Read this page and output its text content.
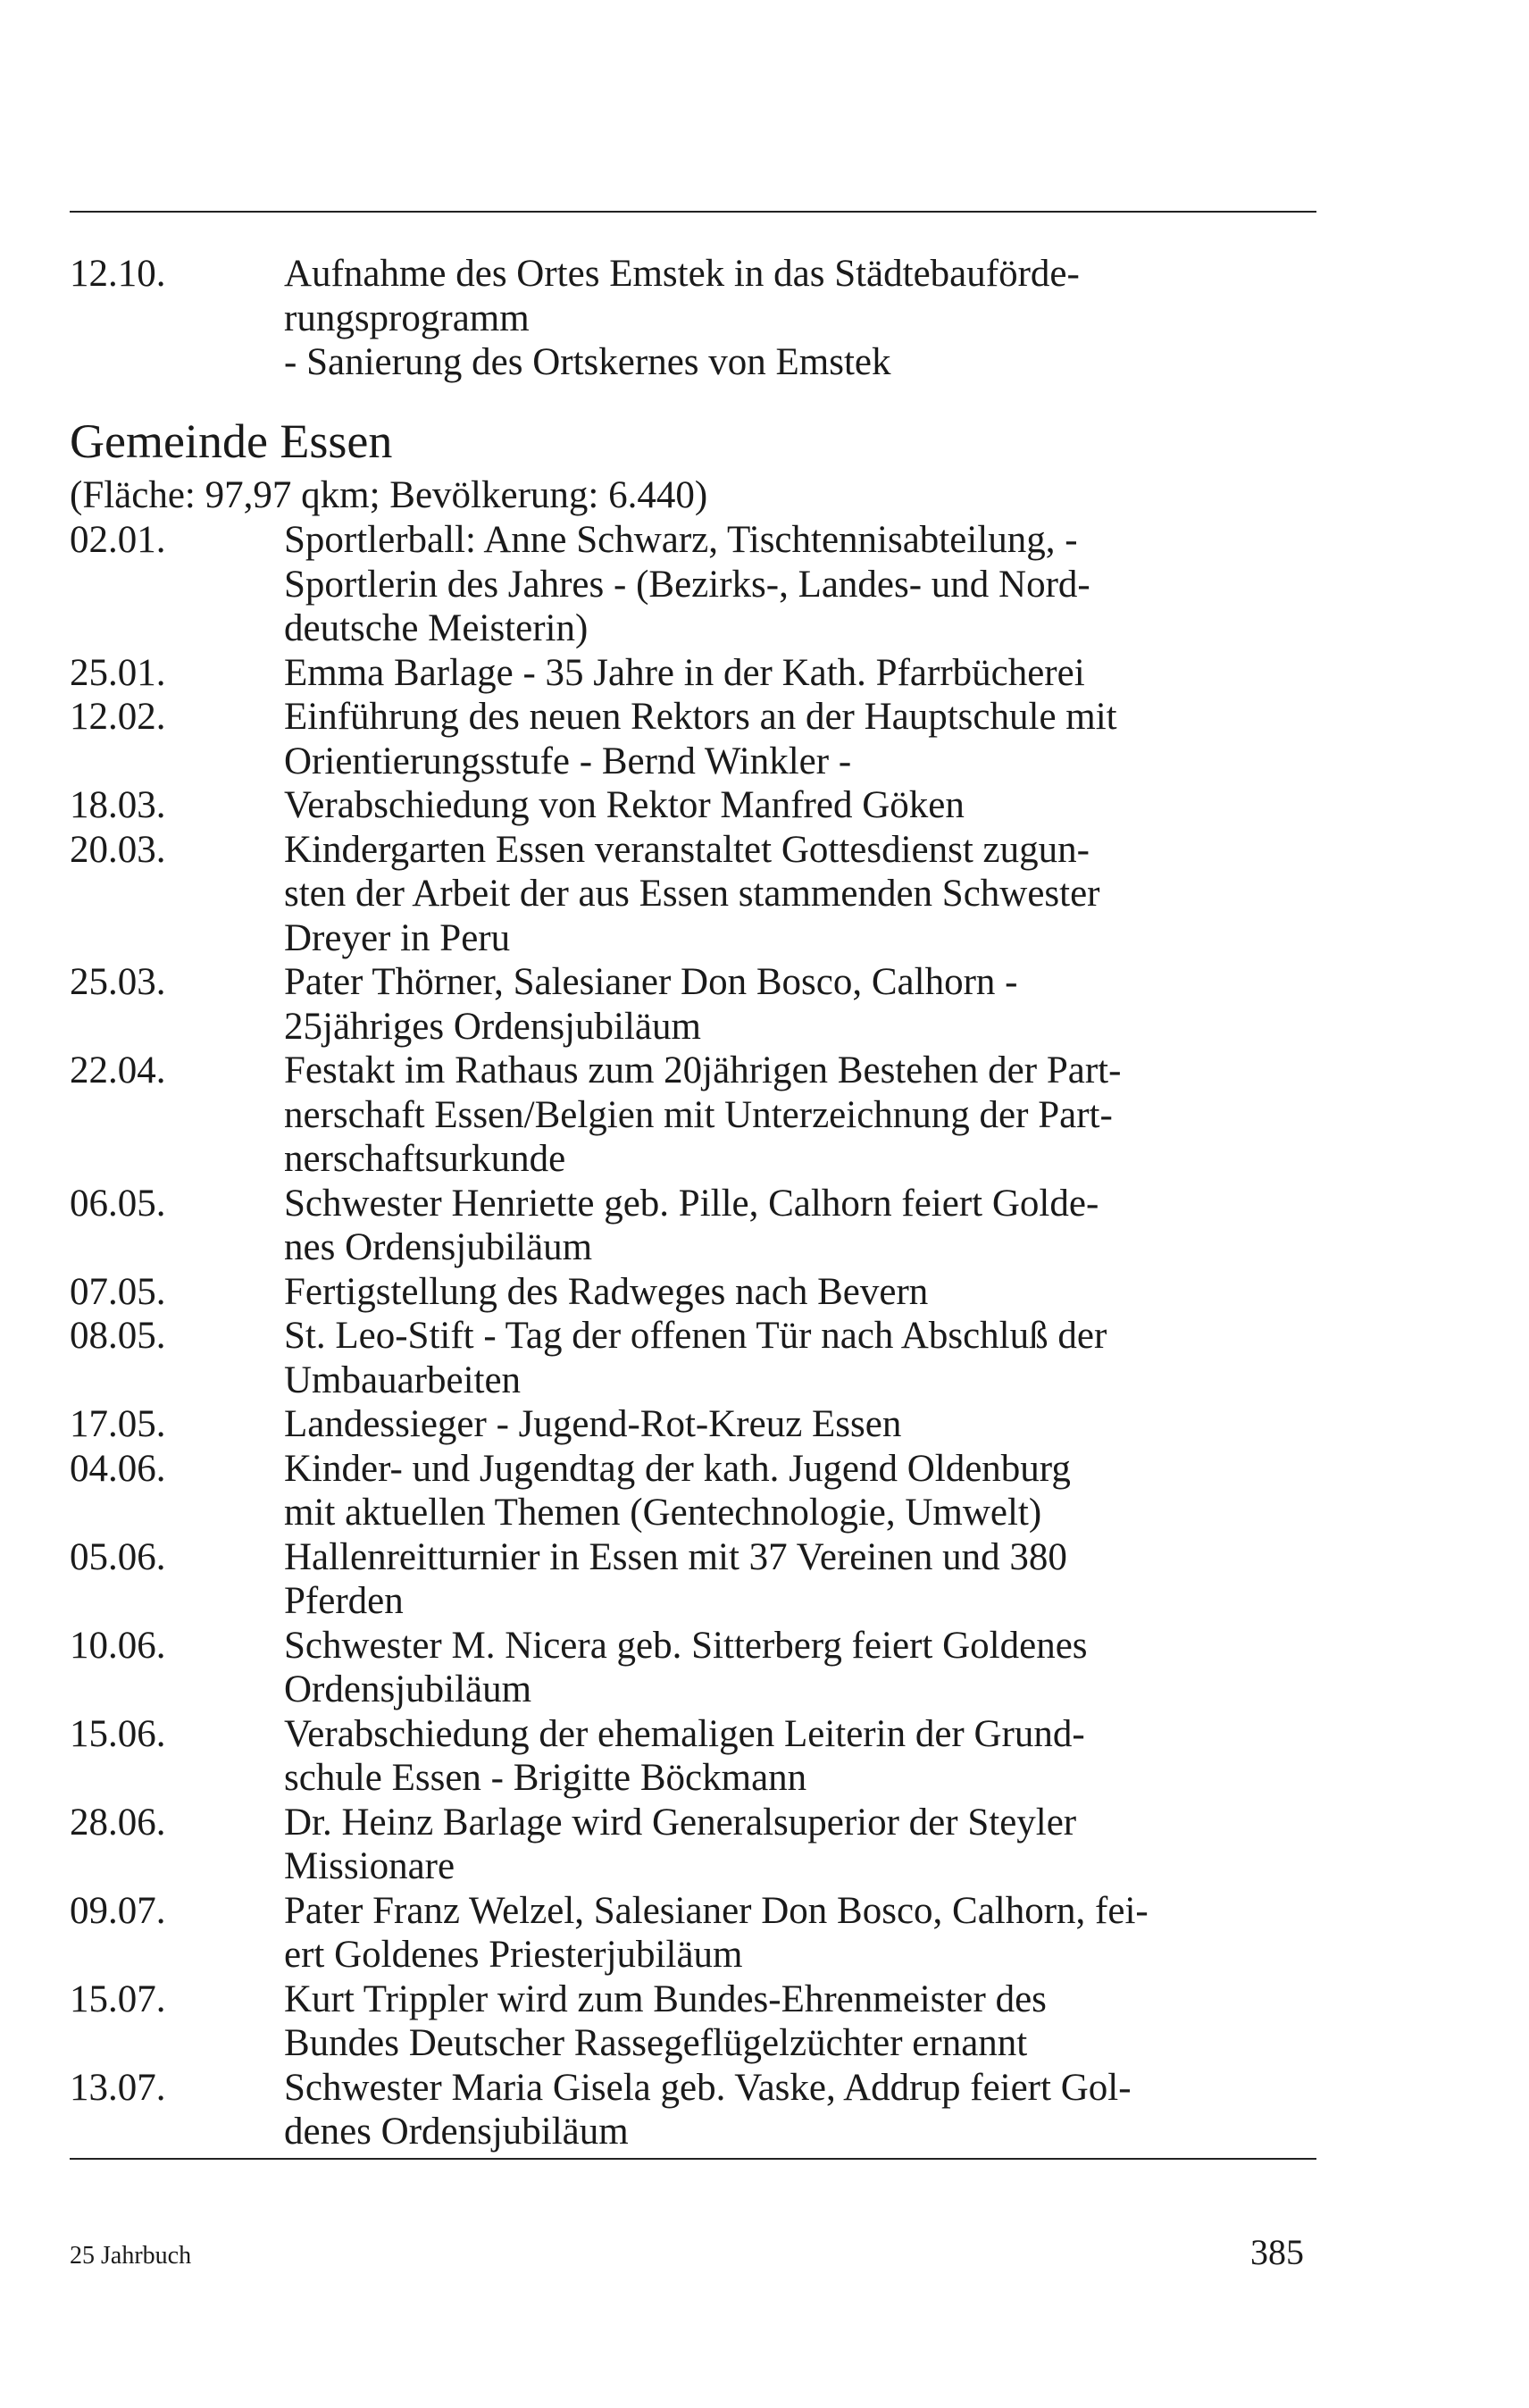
12.10.	Aufnahme des Ortes Emstek in das Städtebauförde-
rungsprogramm
- Sanierung des Ortskernes von Emstek
Gemeinde Essen
(Fläche: 97,97 qkm; Bevölkerung: 6.440)
02.01.	Sportlerball: Anne Schwarz, Tischtennisabteilung, -
Sportlerin des Jahres - (Bezirks-, Landes- und Nord-
deutsche Meisterin)
25.01.	Emma Barlage - 35 Jahre in der Kath. Pfarrbücherei
12.02.	Einführung des neuen Rektors an der Hauptschule mit
Orientierungsstufe - Bernd Winkler -
18.03.	Verabschiedung von Rektor Manfred Göken
20.03.	Kindergarten Essen veranstaltet Gottesdienst zugun-
sten der Arbeit der aus Essen stammenden Schwester
Dreyer in Peru
25.03.	Pater Thörner, Salesianer Don Bosco, Calhorn -
25jähriges Ordensjubiläum
22.04.	Festakt im Rathaus zum 20jährigen Bestehen der Part-
nerschaft Essen/Belgien mit Unterzeichnung der Part-
nerschaftsurkunde
06.05.	Schwester Henriette geb. Pille, Calhorn feiert Golde-
nes Ordensjubiläum
07.05.	Fertigstellung des Radweges nach Bevern
08.05.	St. Leo-Stift - Tag der offenen Tür nach Abschluß der
Umbauarbeiten
17.05.	Landessieger - Jugend-Rot-Kreuz Essen
04.06.	Kinder- und Jugendtag der kath. Jugend Oldenburg
mit aktuellen Themen (Gentechnologie, Umwelt)
05.06.	Hallenreitturnier in Essen mit 37 Vereinen und 380
Pferden
10.06.	Schwester M. Nicera geb. Sitterberg feiert Goldenes
Ordensjubiläum
15.06.	Verabschiedung der ehemaligen Leiterin der Grund-
schule Essen - Brigitte Böckmann
28.06.	Dr. Heinz Barlage wird Generalsuperior der Steyler
Missionare
09.07.	Pater Franz Welzel, Salesianer Don Bosco, Calhorn, fei-
ert Goldenes Priesterjubiläum
15.07.	Kurt Trippler wird zum Bundes-Ehrenmeister des
Bundes Deutscher Rassegeflügelzüchter ernannt
13.07.	Schwester Maria Gisela geb. Vaske, Addrup feiert Gol-
denes Ordensjubiläum
25 Jahrbuch	385
